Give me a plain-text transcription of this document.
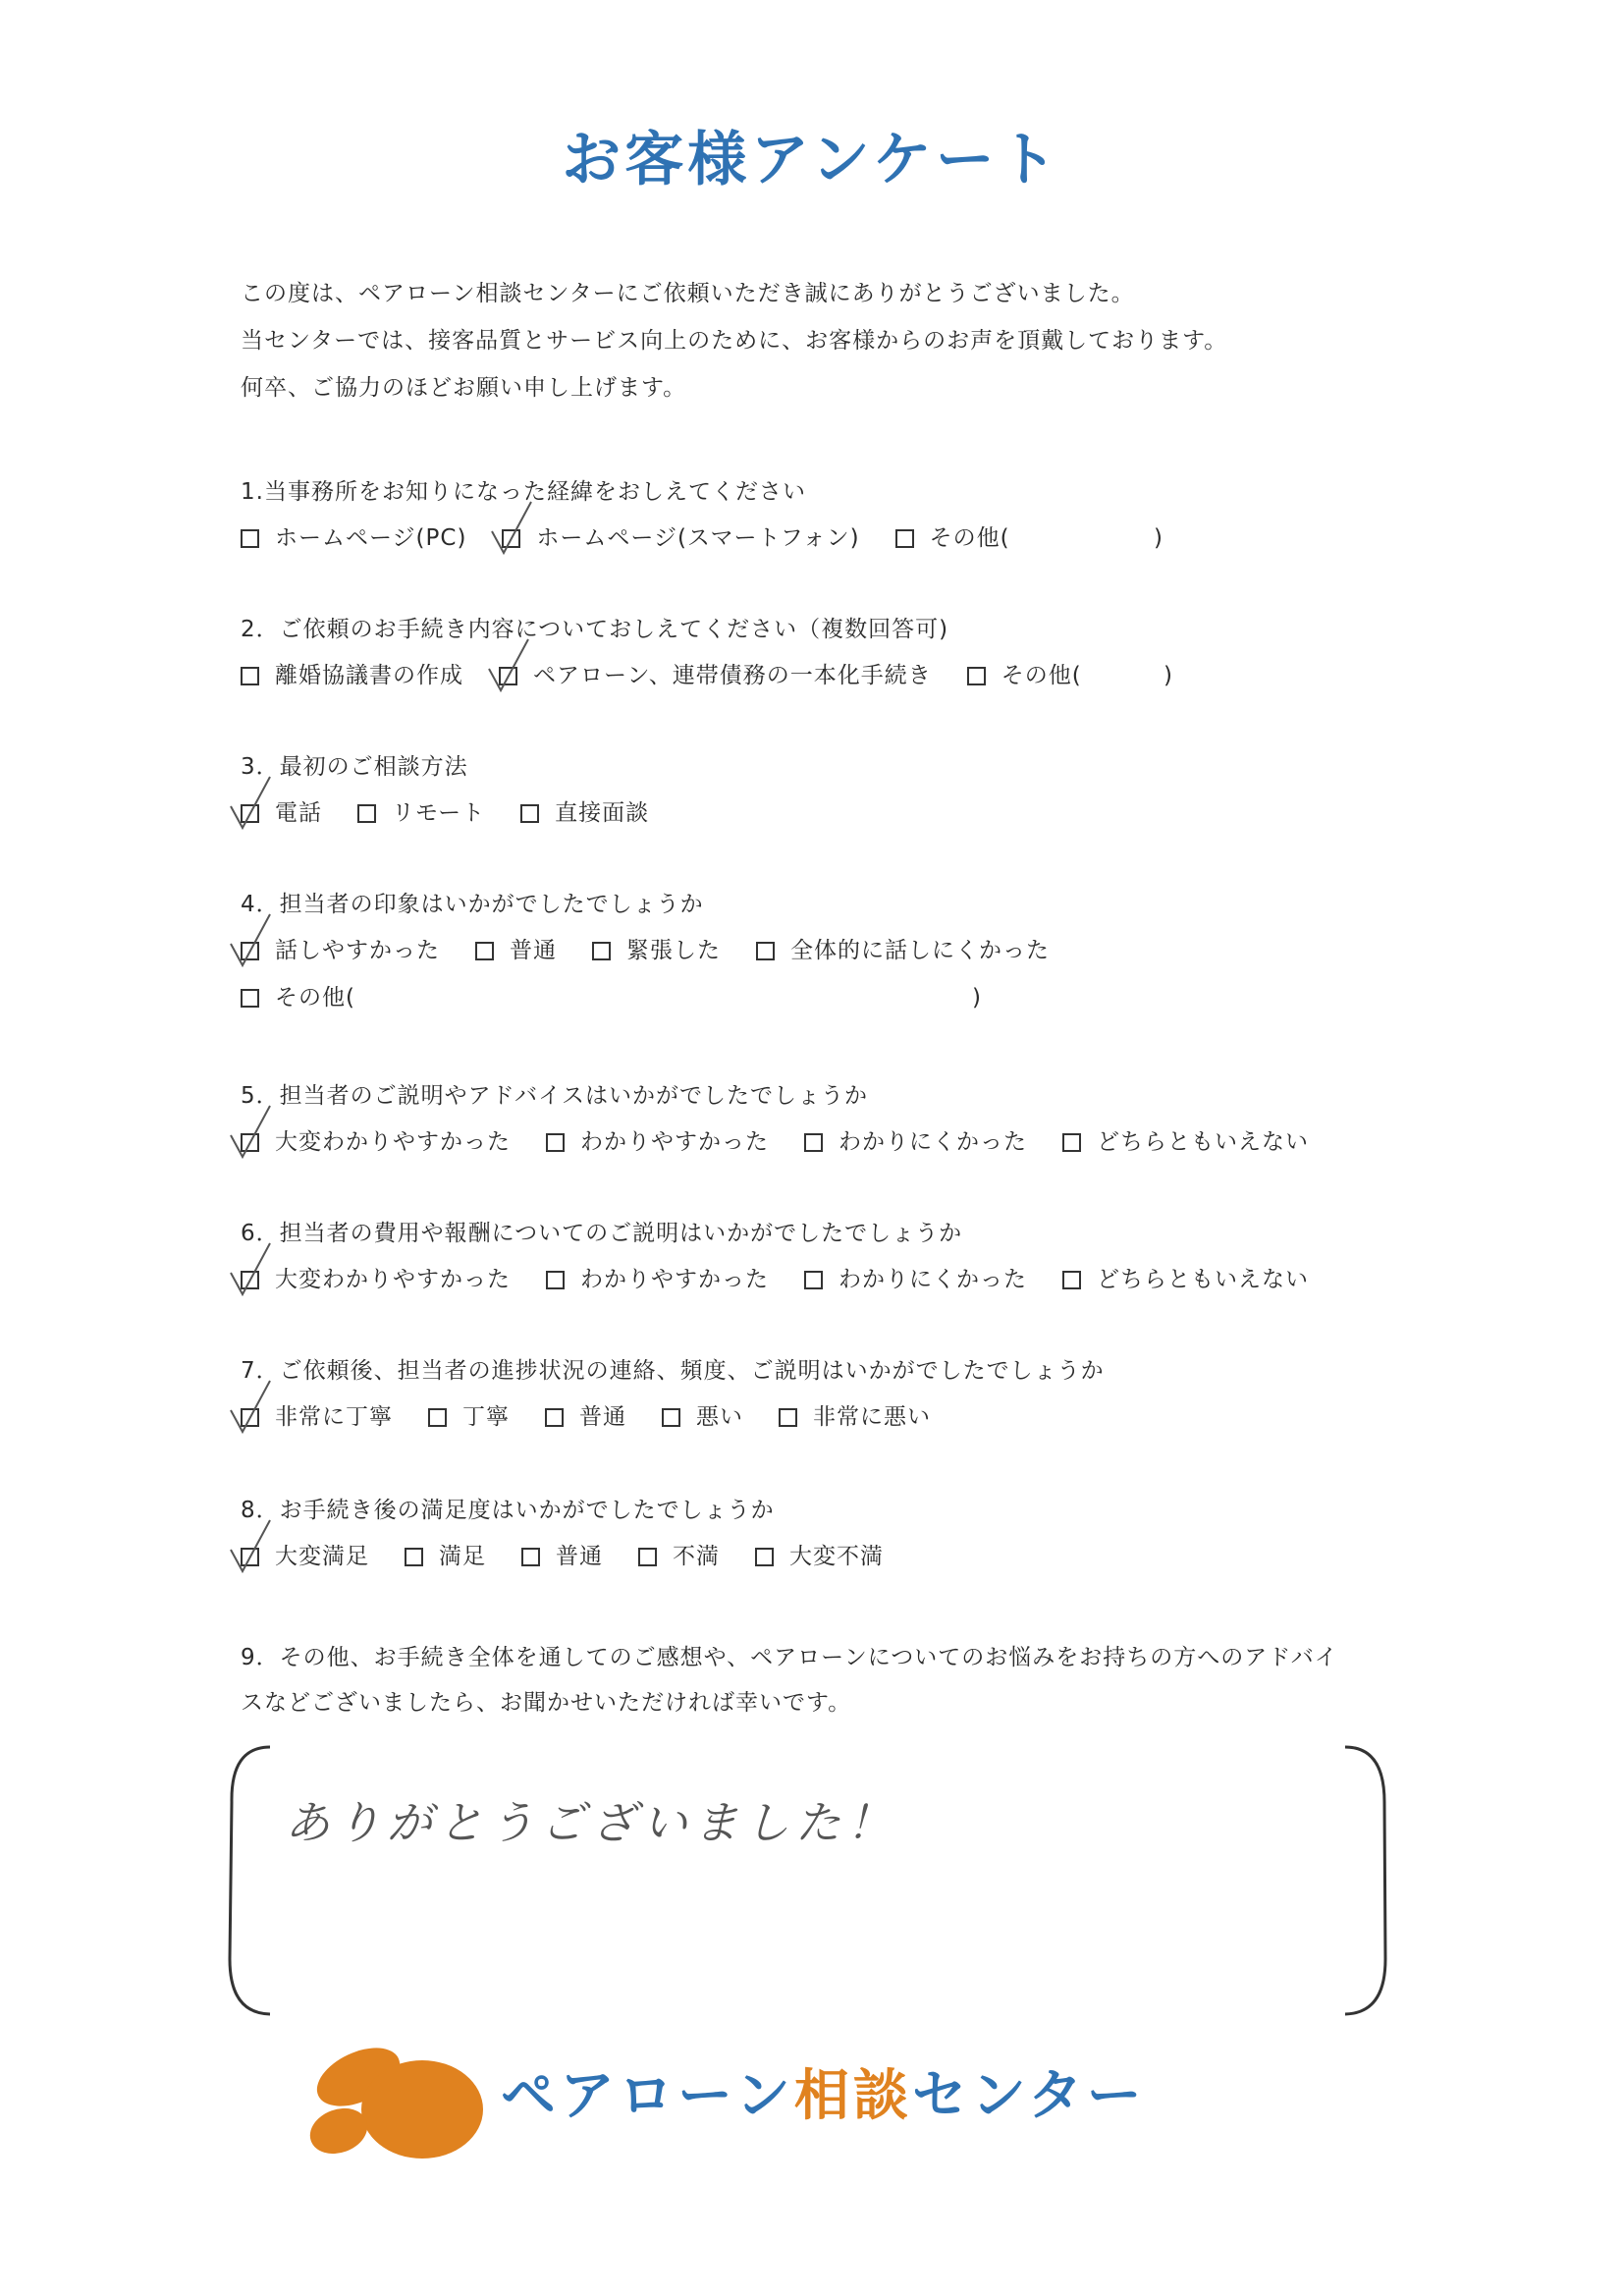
お客様アンケート

この度は、ペアローン相談センターにご依頼いただき誠にありがとうございました。

当センターでは、接客品質とサービス向上のために、お客様からのお声を頂戴しております。

何卒、ご協力のほどお願い申し上げます。

1.当事務所をお知りになった経緯をおしえてください
ホームページ(PC)	ホームページ(スマートフォン)	その他(	)
2．ご依頼のお手続き内容についておしえてください（複数回答可)
離婚協議書の作成	ペアローン、連帯債務の一本化手続き	その他(	)
3．最初のご相談方法
電話	リモート	直接面談
4．担当者の印象はいかがでしたでしょうか
話しやすかった	普通	緊張した	全体的に話しにくかった
その他(	)
5．担当者のご説明やアドバイスはいかがでしたでしょうか
大変わかりやすかった	わかりやすかった	わかりにくかった	どちらともいえない
6．担当者の費用や報酬についてのご説明はいかがでしたでしょうか
大変わかりやすかった	わかりやすかった	わかりにくかった	どちらともいえない
7．ご依頼後、担当者の進捗状況の連絡、頻度、ご説明はいかがでしたでしょうか
非常に丁寧	丁寧	普通	悪い	非常に悪い
8．お手続き後の満足度はいかがでしたでしょうか
大変満足	満足	普通	不満	大変不満
9．その他、お手続き全体を通してのご感想や、ペアローンについてのお悩みをお持ちの方へのアドバイ
スなどございましたら、お聞かせいただければ幸いです。
ありがとうございました！
ペアローン相談センター
